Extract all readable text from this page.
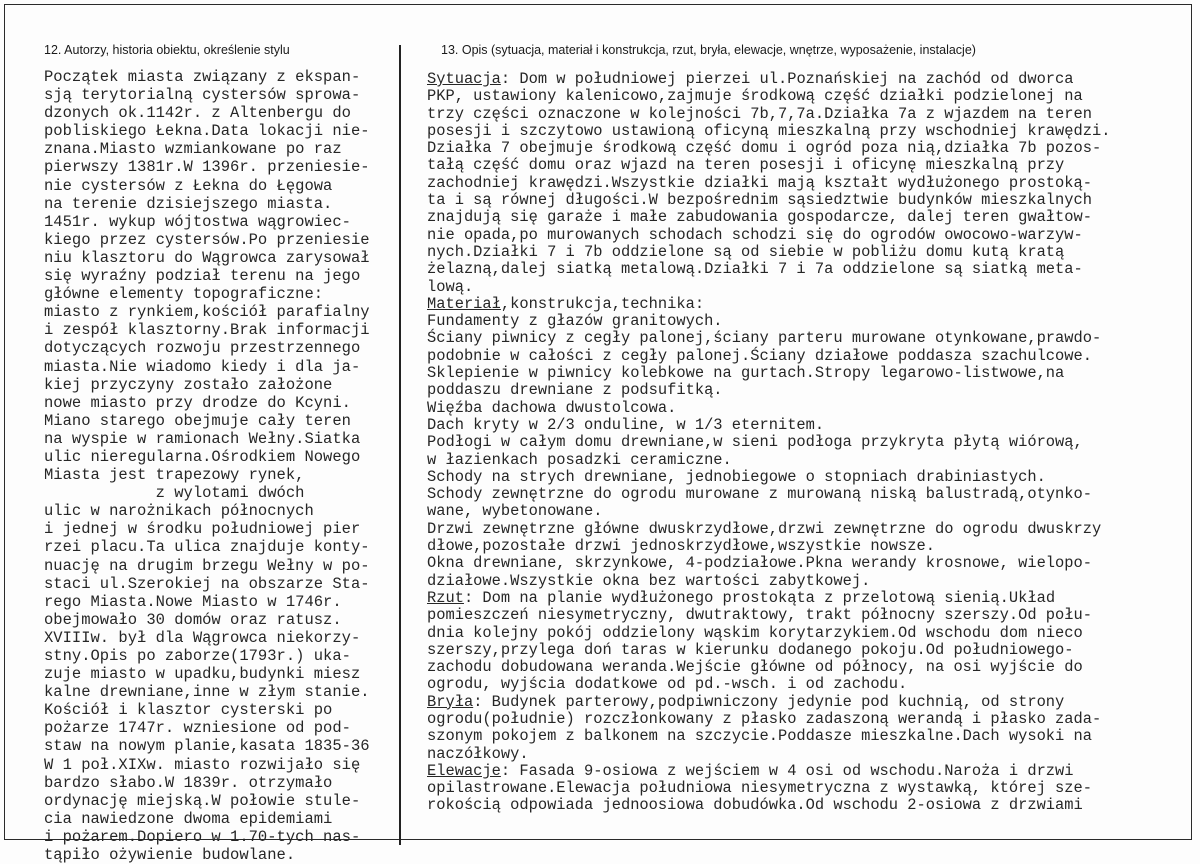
12. Autorzy, historia obiektu, określenie stylu	13. Opis (sytuacja, materiał i konstrukcja, rzut, bryła, elewacje, wnętrze, wyposażenie, instalacje)
Początek miasta związany z ekspan-
sją terytorialną cystersów sprowa-
dzonych ok.1142r. z Altenbergu do
pobliskiego Łekna.Data lokacji nie-
znana.Miasto wzmiankowane po raz
pierwszy 1381r.W 1396r. przeniesie-
nie cystersów z Łekna do Łęgowa
na terenie dzisiejszego miasta.
1451r. wykup wójtostwa wągrowiec-
kiego przez cystersów.Po przeniesie
niu klasztoru do Wągrowca zarysował
się wyraźny podział terenu na jego
główne elementy topograficzne:
miasto z rynkiem,kościół parafialny
i zespół klasztorny.Brak informacji
dotyczących rozwoju przestrzennego
miasta.Nie wiadomo kiedy i dla ja-
kiej przyczyny zostało założone
nowe miasto przy drodze do Kcyni.
Miano starego obejmuje cały teren
na wyspie w ramionach Wełny.Siatka
ulic nieregularna.Ośrodkiem Nowego
Miasta jest trapezowy rynek,
z wylotami dwóch
ulic w narożnikach północnych
i jednej w środku południowej pier
rzei placu.Ta ulica znajduje konty-
nuację na drugim brzegu Wełny w po-
staci ul.Szerokiej na obszarze Sta-
rego Miasta.Nowe Miasto w 1746r.
obejmowało 30 domów oraz ratusz.
XVIIIw. był dla Wągrowca niekorzy-
stny.Opis po zaborze(1793r.) uka-
zuje miasto w upadku,budynki miesz
kalne drewniane,inne w złym stanie.
Kościół i klasztor cysterski po
pożarze 1747r. wzniesione od pod-
staw na nowym planie,kasata 1835-36
W 1 poł.XIXw. miasto rozwijało się
bardzo słabo.W 1839r. otrzymało
ordynację miejską.W połowie stule-
cia nawiedzone dwoma epidemiami
i pożarem.Dopiero w 1.70-tych nas-
tąpiło ożywienie budowlane.
Sytuacja: Dom w południowej pierzei ul.Poznańskiej na zachód od dworca
PKP, ustawiony kalenicowo,zajmuje środkową część działki podzielonej na
trzy części oznaczone w kolejności 7b,7,7a.Działka 7a z wjazdem na teren
posesji i szczytowo ustawioną oficyną mieszkalną przy wschodniej krawędzi.
Działka 7 obejmuje środkową część domu i ogród poza nią,działka 7b pozos-
tałą część domu oraz wjazd na teren posesji i oficynę mieszkalną przy
zachodniej krawędzi.Wszystkie działki mają kształt wydłużonego prostoką-
ta i są równej długości.W bezpośrednim sąsiedztwie budynków mieszkalnych
znajdują się garaże i małe zabudowania gospodarcze, dalej teren gwałtow-
nie opada,po murowanych schodach schodzi się do ogrodów owocowo-warzyw-
nych.Działki 7 i 7b oddzielone są od siebie w pobliżu domu kutą kratą
żelazną,dalej siatką metalową.Działki 7 i 7a oddzielone są siatką meta-
lową.
Materiał,konstrukcja,technika:
Fundamenty z głazów granitowych.
Ściany piwnicy z cegły palonej,ściany parteru murowane otynkowane,prawdo-
podobnie w całości z cegły palonej.Ściany działowe poddasza szachulcowe.
Sklepienie w piwnicy kolebkowe na gurtach.Stropy legarowo-listwowe,na
poddaszu drewniane z podsufitką.
Więźba dachowa dwustolcowa.
Dach kryty w 2/3 onduline, w 1/3 eternitem.
Podłogi w całym domu drewniane,w sieni podłoga przykryta płytą wiórową,
w łazienkach posadzki ceramiczne.
Schody na strych drewniane, jednobiegowe o stopniach drabiniastych.
Schody zewnętrzne do ogrodu murowane z murowaną niską balustradą,otynko-
wane, wybetonowane.
Drzwi zewnętrzne główne dwuskrzydłowe,drzwi zewnętrzne do ogrodu dwuskrzy
dłowe,pozostałe drzwi jednoskrzydłowe,wszystkie nowsze.
Okna drewniane, skrzynkowe, 4-podziałowe.Pkna werandy krosnowe, wielopo-
działowe.Wszystkie okna bez wartości zabytkowej.
Rzut: Dom na planie wydłużonego prostokąta z przelotową sienią.Układ
pomieszczeń niesymetryczny, dwutraktowy, trakt północny szerszy.Od połu-
dnia kolejny pokój oddzielony wąskim korytarzykiem.Od wschodu dom nieco
szerszy,przylega doń taras w kierunku dodanego pokoju.Od południowego-
zachodu dobudowana weranda.Wejście główne od północy, na osi wyjście do
ogrodu, wyjścia dodatkowe od pd.-wsch. i od zachodu.
Bryła: Budynek parterowy,podpiwniczony jedynie pod kuchnią, od strony
ogrodu(południe) rozczłonkowany z płasko zadaszoną werandą i płasko zada-
szonym pokojem z balkonem na szczycie.Poddasze mieszkalne.Dach wysoki na
naczółkowy.
Elewacje: Fasada 9-osiowa z wejściem w 4 osi od wschodu.Naroża i drzwi
opilastrowane.Elewacja południowa niesymetryczna z wystawką, której sze-
rokością odpowiada jednoosiowa dobudówka.Od wschodu 2-osiowa z drzwiami
